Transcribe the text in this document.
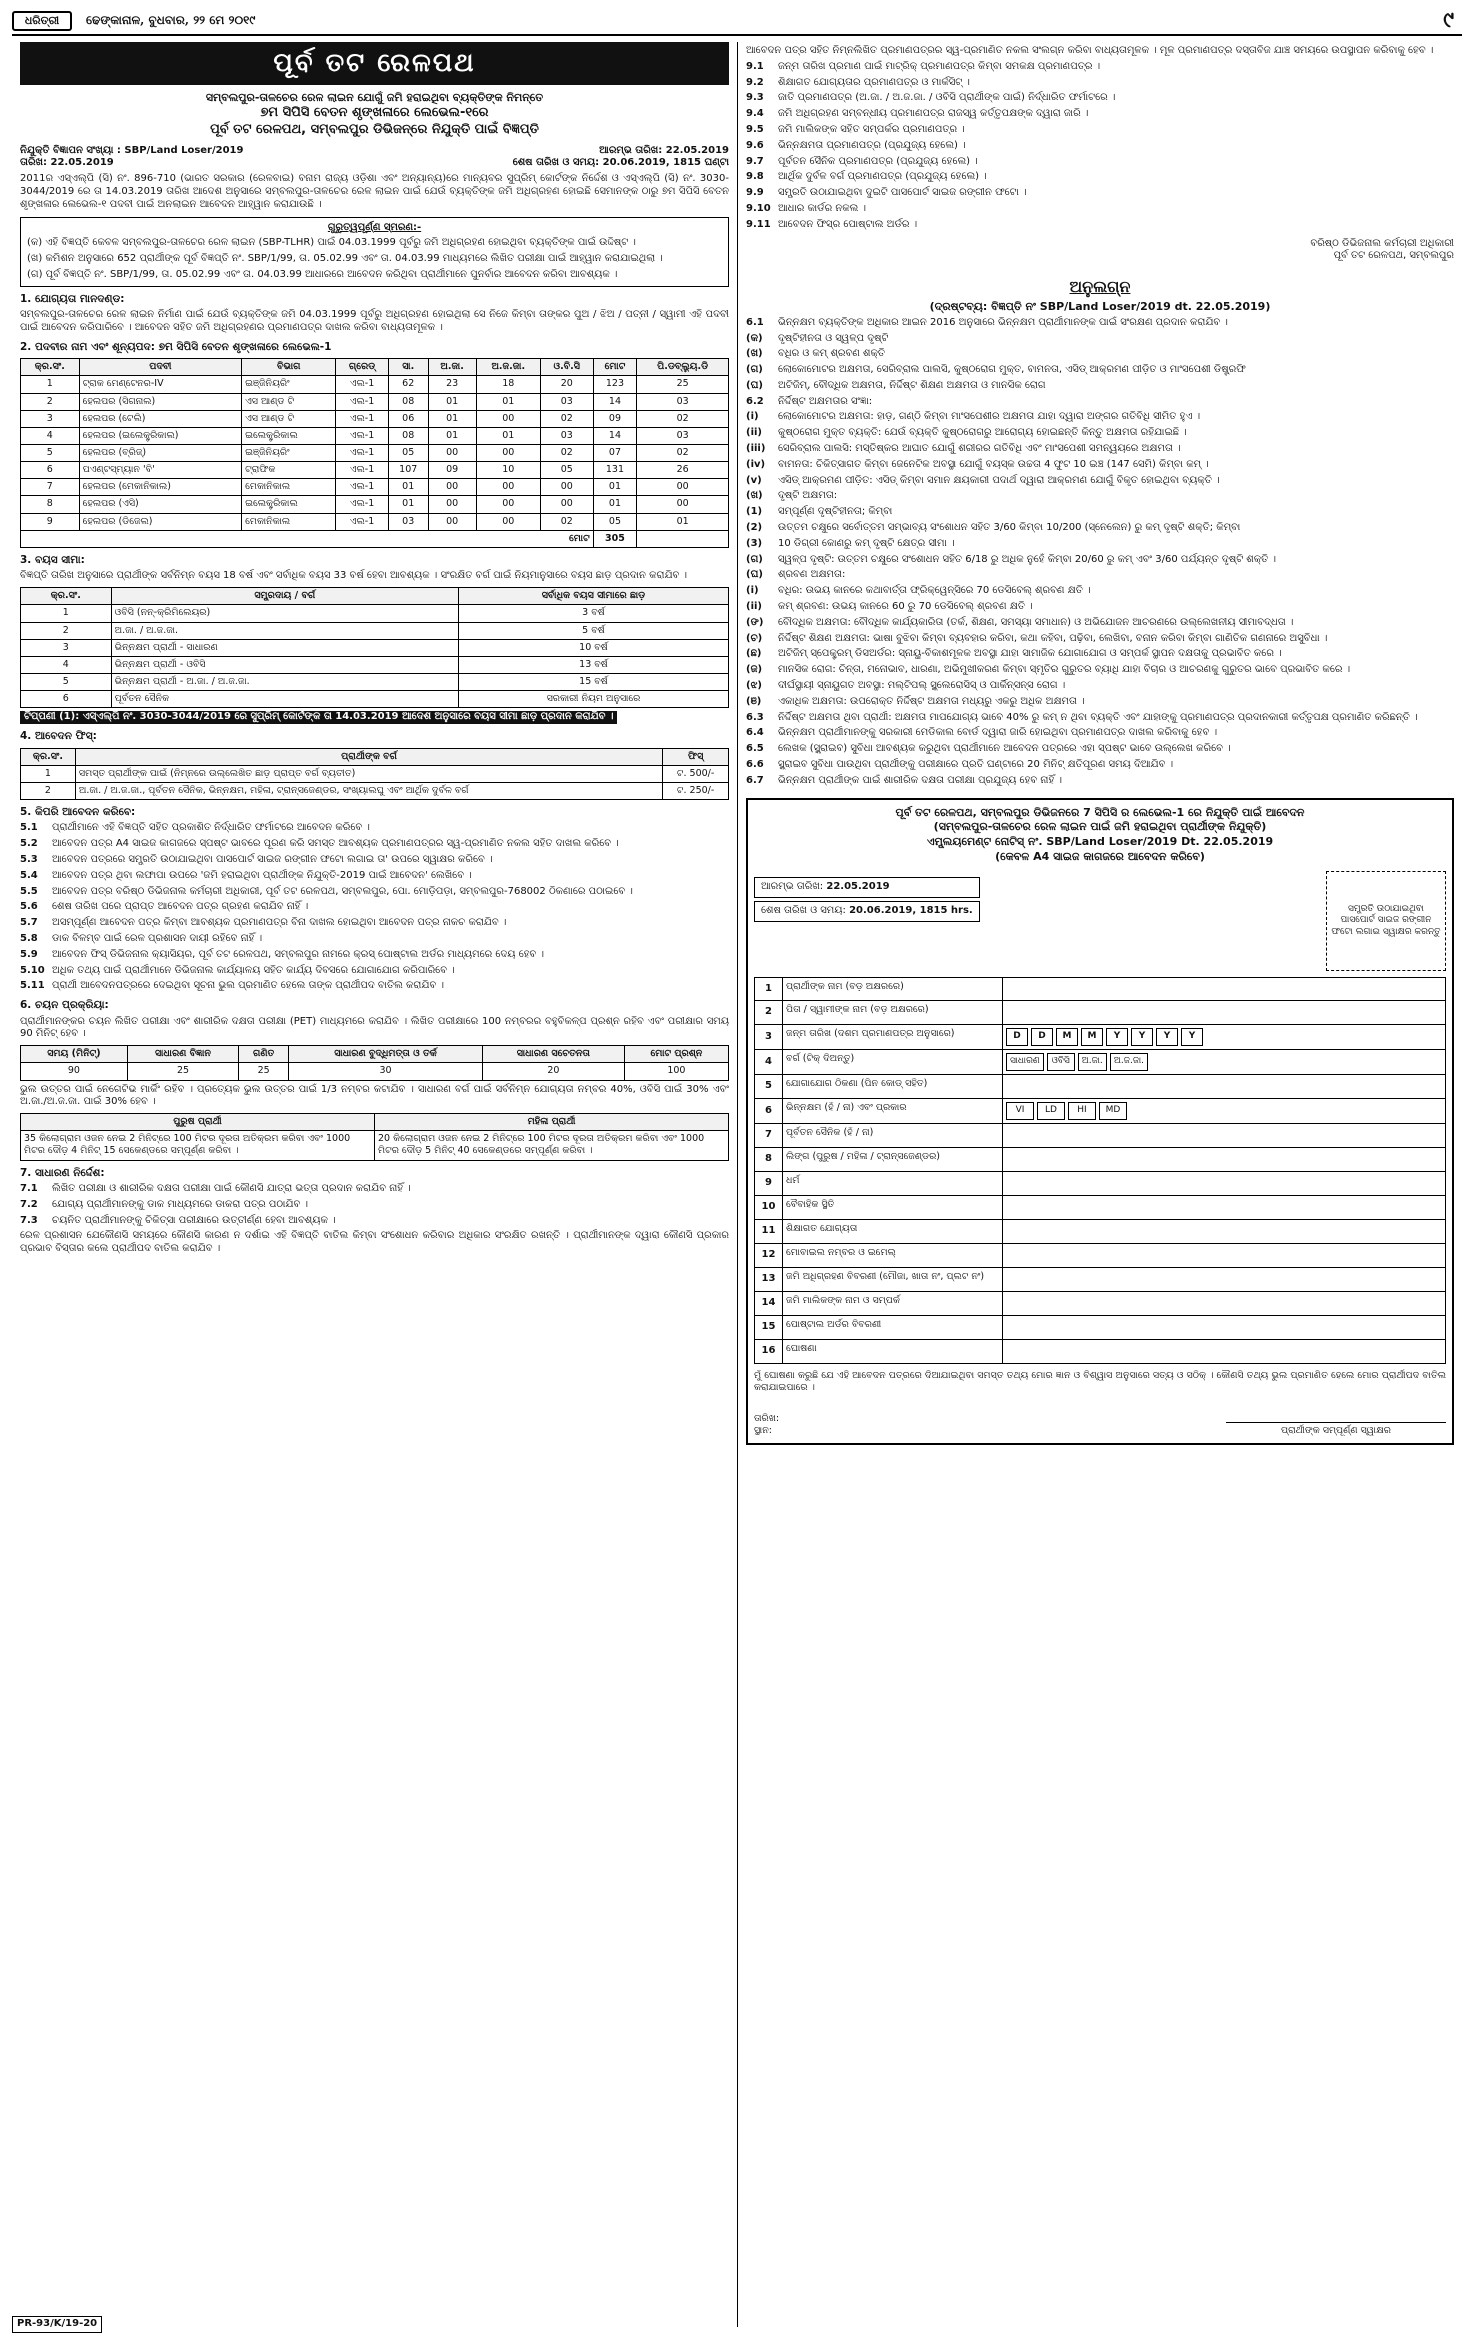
ଧରିତ୍ରୀ	ଢେଙ୍କାନାଳ, ବୁଧବାର, ୨୨ ମେ ୨୦୧୯	୯
ପୂର୍ବ ତଟ ରେଳପଥ
ସମ୍ବଲପୁର-ତାଳଚେର ରେଳ ଲାଇନ ଯୋଗୁଁ ଜମି ହରାଇଥିବା ବ୍ୟକ୍ତିଙ୍କ ନିମନ୍ତେ
୭ମ ସିପିସି ବେତନ ଶୃଙ୍ଖଳାରେ ଲେଭେଲ-୧ରେ
ପୂର୍ବ ତଟ ରେଳପଥ, ସମ୍ବଲପୁର ଡିଭିଜନ୍‌ରେ ନିଯୁକ୍ତି ପାଇଁ ବିଜ୍ଞପ୍ତି
ନିଯୁକ୍ତି ବିଜ୍ଞାପନ ସଂଖ୍ୟା : SBP/Land Loser/2019
ତାରିଖ: 22.05.2019
ଆରମ୍ଭ ତାରିଖ: 22.05.2019
ଶେଷ ତାରିଖ ଓ ସମୟ: 20.06.2019, 1815 ଘଣ୍ଟା

2011ର ଏସ୍‌ଏଲ୍‌ପି (ସି) ନଂ. 896-710 (ଭାରତ ସରକାର (ରେଳବାଇ) ବନାମ ରାଜ୍ୟ ଓଡ଼ିଶା ଏବଂ ଅନ୍ୟାନ୍ୟ)ରେ ମାନ୍ୟବର ସୁପ୍ରିମ୍ କୋର୍ଟଙ୍କ ନିର୍ଦ୍ଦେଶ ଓ ଏସ୍‌ଏଲ୍‌ପି (ସି) ନଂ. 3030-3044/2019 ରେ ତା 14.03.2019 ତାରିଖ ଆଦେଶ ଅନୁସାରେ ସମ୍ବଲପୁର-ତାଳଚେର ରେଳ ଲାଇନ ପାଇଁ ଯେଉଁ ବ୍ୟକ୍ତିଙ୍କ ଜମି ଅଧିଗ୍ରହଣ ହୋଇଛି ସେମାନଙ୍କ ଠାରୁ ୭ମ ସିପିସି ବେତନ ଶୃଙ୍ଖଳାର ଲେଭେଲ-୧ ପଦବୀ ପାଇଁ ଅନଲାଇନ ଆବେଦନ ଆହ୍ୱାନ କରାଯାଉଛି ।

ଗୁରୁତ୍ୱପୂର୍ଣ୍ଣ ସ୍ମରଣ:-

(କ) ଏହି ବିଜ୍ଞପ୍ତି କେବଳ ସମ୍ବଲପୁର-ତାଳଚେର ରେଳ ଲାଇନ (SBP-TLHR) ପାଇଁ 04.03.1999 ପୂର୍ବରୁ ଜମି ଅଧିଗ୍ରହଣ ହୋଇଥିବା ବ୍ୟକ୍ତିଙ୍କ ପାଇଁ ଉଦ୍ଦିଷ୍ଟ ।

(ଖ) କମିଶନ ଅନୁସାରେ 652 ପ୍ରାର୍ଥୀଙ୍କ ପୂର୍ବ ବିଜ୍ଞପ୍ତି ନଂ. SBP/1/99, ତା. 05.02.99 ଏବଂ ତା. 04.03.99 ମାଧ୍ୟମରେ ଲିଖିତ ପରୀକ୍ଷା ପାଇଁ ଆହ୍ୱାନ କରାଯାଇଥିଲା ।

(ଗ) ପୂର୍ବ ବିଜ୍ଞପ୍ତି ନଂ. SBP/1/99, ତା. 05.02.99 ଏବଂ ତା. 04.03.99 ଆଧାରରେ ଆବେଦନ କରିଥିବା ପ୍ରାର୍ଥୀମାନେ ପୁନର୍ବାର ଆବେଦନ କରିବା ଆବଶ୍ୟକ ।

1. ଯୋଗ୍ୟତା ମାନଦଣ୍ଡ:

ସମ୍ବଲପୁର-ତାଳଚେର ରେଳ ଲାଇନ ନିର୍ମାଣ ପାଇଁ ଯେଉଁ ବ୍ୟକ୍ତିଙ୍କ ଜମି 04.03.1999 ପୂର୍ବରୁ ଅଧିଗ୍ରହଣ ହୋଇଥିଲା ସେ ନିଜେ କିମ୍ବା ତାଙ୍କର ପୁଅ / ଝିଅ / ପତ୍ନୀ / ସ୍ୱାମୀ ଏହି ପଦବୀ ପାଇଁ ଆବେଦନ କରିପାରିବେ । ଆବେଦନ ସହିତ ଜମି ଅଧିଗ୍ରହଣର ପ୍ରମାଣପତ୍ର ଦାଖଲ କରିବା ବାଧ୍ୟତାମୂଳକ ।

2. ପଦବୀର ନାମ ଏବଂ ଶୂନ୍ୟପଦ: ୭ମ ସିପିସି ବେତନ ଶୃଙ୍ଖଳାରେ ଲେଭେଲ-1
କ୍ର.ସଂ.	ପଦବୀ	ବିଭାଗ	ଗ୍ରେଡ୍	ସା.	ଅ.ଜା.	ଅ.ଜ.ଜା.	ଓ.ବି.ସି	ମୋଟ	ପି.ଡବ୍ଲ୍ୟୁ.ଡି
1	ଟ୍ରାକ ମେଣ୍ଟେନର-IV	ଇଞ୍ଜିନିୟରିଂ	ଏଲ-1	62	23	18	20	123	25
2	ହେଲପର (ସିଗନାଲ)	ଏସ ଆଣ୍ଡ ଟି	ଏଲ-1	08	01	01	03	14	03
3	ହେଲପର (ଟେଲି)	ଏସ ଆଣ୍ଡ ଟି	ଏଲ-1	06	01	00	02	09	02
4	ହେଲପର (ଇଲେକ୍ଟ୍ରିକାଲ)	ଇଲେକ୍ଟ୍ରିକାଲ	ଏଲ-1	08	01	01	03	14	03
5	ହେଲପର (ବ୍ରିଜ୍)	ଇଞ୍ଜିନିୟରିଂ	ଏଲ-1	05	00	00	02	07	02
6	ପଏଣ୍ଟସ୍‌ମ୍ୟାନ 'ବି'	ଟ୍ରାଫିକ	ଏଲ-1	107	09	10	05	131	26
7	ହେଲପର (ମେକାନିକାଲ)	ମେକାନିକାଲ	ଏଲ-1	01	00	00	00	01	00
8	ହେଲପର (ଏସି)	ଇଲେକ୍ଟ୍ରିକାଲ	ଏଲ-1	01	00	00	00	01	00
9	ହେଲପର (ଡିଜେଲ)	ମେକାନିକାଲ	ଏଲ-1	03	00	00	02	05	01
ମୋଟ								305	
3. ବୟସ ସୀମା:

ବିଜ୍ଞପ୍ତି ତାରିଖ ଅନୁସାରେ ପ୍ରାର୍ଥୀଙ୍କ ସର୍ବନିମ୍ନ ବୟସ 18 ବର୍ଷ ଏବଂ ସର୍ବାଧିକ ବୟସ 33 ବର୍ଷ ହେବା ଆବଶ୍ୟକ । ସଂରକ୍ଷିତ ବର୍ଗ ପାଇଁ ନିୟମାନୁସାରେ ବୟସ ଛାଡ଼ ପ୍ରଦାନ କରାଯିବ ।

କ୍ର.ସଂ.	ସମ୍ପ୍ରଦାୟ / ବର୍ଗ	ସର୍ବାଧିକ ବୟସ ସୀମାରେ ଛାଡ଼
1	ଓବିସି (ନନ୍-କ୍ରିମିଲେୟର)	3 ବର୍ଷ
2	ଅ.ଜା. / ଅ.ଜ.ଜା.	5 ବର୍ଷ
3	ଭିନ୍ନକ୍ଷମ ପ୍ରାର୍ଥୀ - ସାଧାରଣ	10 ବର୍ଷ
4	ଭିନ୍ନକ୍ଷମ ପ୍ରାର୍ଥୀ - ଓବିସି	13 ବର୍ଷ
5	ଭିନ୍ନକ୍ଷମ ପ୍ରାର୍ଥୀ - ଅ.ଜା. / ଅ.ଜ.ଜା.	15 ବର୍ଷ
6	ପୂର୍ବତନ ସୈନିକ	ସରକାରୀ ନିୟମ ଅନୁସାରେ

ଟିପ୍ପଣୀ (1): ଏସ୍‌ଏଲ୍‌ପି ନଂ. 3030-3044/2019 ରେ ସୁପ୍ରିମ୍ କୋର୍ଟଙ୍କ ତା 14.03.2019 ଆଦେଶ ଅନୁସାରେ ବୟସ ସୀମା ଛାଡ଼ ପ୍ରଦାନ କରାଯିବ ।

4. ଆବେଦନ ଫିସ୍:
କ୍ର.ସଂ.	ପ୍ରାର୍ଥୀଙ୍କ ବର୍ଗ	ଫିସ୍
1	ସମସ୍ତ ପ୍ରାର୍ଥୀଙ୍କ ପାଇଁ (ନିମ୍ନରେ ଉଲ୍ଲେଖିତ ଛାଡ଼ ପ୍ରାପ୍ତ ବର୍ଗ ବ୍ୟତୀତ)	ଟ. 500/-
2	ଅ.ଜା. / ଅ.ଜ.ଜା., ପୂର୍ବତନ ସୈନିକ, ଭିନ୍ନକ୍ଷମ, ମହିଳା, ଟ୍ରାନ୍ସଜେଣ୍ଡର, ସଂଖ୍ୟାଲଘୁ ଏବଂ ଆର୍ଥିକ ଦୁର୍ବଳ ବର୍ଗ	ଟ. 250/-
5. କିପରି ଆବେଦନ କରିବେ:
5.1	ପ୍ରାର୍ଥୀମାନେ ଏହି ବିଜ୍ଞପ୍ତି ସହିତ ପ୍ରକାଶିତ ନିର୍ଦ୍ଧାରିତ ଫର୍ମାଟରେ ଆବେଦନ କରିବେ ।
5.2	ଆବେଦନ ପତ୍ର A4 ସାଇଜ କାଗଜରେ ସ୍ପଷ୍ଟ ଭାବରେ ପୂରଣ କରି ସମସ୍ତ ଆବଶ୍ୟକ ପ୍ରମାଣପତ୍ରର ସ୍ୱ-ପ୍ରମାଣିତ ନକଲ ସହିତ ଦାଖଲ କରିବେ ।
5.3	ଆବେଦନ ପତ୍ରରେ ସମ୍ପ୍ରତି ଉଠାଯାଇଥିବା ପାସପୋର୍ଟ ସାଇଜ ରଙ୍ଗୀନ ଫଟୋ ଲଗାଇ ତା' ଉପରେ ସ୍ୱାକ୍ଷର କରିବେ ।
5.4	ଆବେଦନ ପତ୍ର ଥିବା ଲଫାପା ଉପରେ 'ଜମି ହରାଇଥିବା ପ୍ରାର୍ଥୀଙ୍କ ନିଯୁକ୍ତି-2019 ପାଇଁ ଆବେଦନ' ଲେଖିବେ ।
5.5	ଆବେଦନ ପତ୍ର ବରିଷ୍ଠ ଡିଭିଜନାଲ କର୍ମଚାରୀ ଅଧିକାରୀ, ପୂର୍ବ ତଟ ରେଳପଥ, ସମ୍ବଲପୁର, ପୋ. ମୋଡ଼ିପଡ଼ା, ସମ୍ବଲପୁର-768002 ଠିକଣାରେ ପଠାଇବେ ।
5.6	ଶେଷ ତାରିଖ ପରେ ପ୍ରାପ୍ତ ଆବେଦନ ପତ୍ର ଗ୍ରହଣ କରାଯିବ ନାହିଁ ।
5.7	ଅସମ୍ପୂର୍ଣ୍ଣ ଆବେଦନ ପତ୍ର କିମ୍ବା ଆବଶ୍ୟକ ପ୍ରମାଣପତ୍ର ବିନା ଦାଖଲ ହୋଇଥିବା ଆବେଦନ ପତ୍ର ନାକଚ କରାଯିବ ।
5.8	ଡାକ ବିଳମ୍ବ ପାଇଁ ରେଳ ପ୍ରଶାସନ ଦାୟୀ ରହିବେ ନାହିଁ ।
5.9	ଆବେଦନ ଫିସ୍ ଡିଭିଜନାଲ କ୍ୟାସିୟର, ପୂର୍ବ ତଟ ରେଳପଥ, ସମ୍ବଲପୁର ନାମରେ କ୍ରସ୍ ପୋଷ୍ଟାଲ ଅର୍ଡର ମାଧ୍ୟମରେ ଦେୟ ହେବ ।
5.10 ଅଧିକ ତଥ୍ୟ ପାଇଁ ପ୍ରାର୍ଥୀମାନେ ଡିଭିଜନାଲ କାର୍ଯ୍ୟାଳୟ ସହିତ କାର୍ଯ୍ୟ ଦିବସରେ ଯୋଗାଯୋଗ କରିପାରିବେ ।
5.11 ପ୍ରାର୍ଥୀ ଆବେଦନପତ୍ରରେ ଦେଇଥିବା ସୂଚନା ଭୁଲ ପ୍ରମାଣିତ ହେଲେ ତାଙ୍କ ପ୍ରାର୍ଥୀପଦ ବାତିଲ କରାଯିବ ।
6. ଚୟନ ପ୍ରକ୍ରିୟା:

ପ୍ରାର୍ଥୀମାନଙ୍କର ଚୟନ ଲିଖିତ ପରୀକ୍ଷା ଏବଂ ଶାରୀରିକ ଦକ୍ଷତା ପରୀକ୍ଷା (PET) ମାଧ୍ୟମରେ କରାଯିବ । ଲିଖିତ ପରୀକ୍ଷାରେ 100 ନମ୍ବରର ବହୁବିକଳ୍ପ ପ୍ରଶ୍ନ ରହିବ ଏବଂ ପରୀକ୍ଷାର ସମୟ 90 ମିନିଟ୍ ହେବ ।

ସମୟ (ମିନିଟ୍)	ସାଧାରଣ ବିଜ୍ଞାନ	ଗଣିତ	ସାଧାରଣ ବୁଦ୍ଧିମତ୍ତା ଓ ତର୍କ	ସାଧାରଣ ସଚେତନତା	ମୋଟ ପ୍ରଶ୍ନ
90	25	25	30	20	100

ଭୁଲ ଉତ୍ତର ପାଇଁ ନେଗେଟିଭ ମାର୍କିଂ ରହିବ । ପ୍ରତ୍ୟେକ ଭୁଲ ଉତ୍ତର ପାଇଁ 1/3 ନମ୍ବର କଟାଯିବ । ସାଧାରଣ ବର୍ଗ ପାଇଁ ସର୍ବନିମ୍ନ ଯୋଗ୍ୟତା ନମ୍ବର 40%, ଓବିସି ପାଇଁ 30% ଏବଂ ଅ.ଜା./ଅ.ଜ.ଜା. ପାଇଁ 30% ହେବ ।

ପୁରୁଷ ପ୍ରାର୍ଥୀ	ମହିଳା ପ୍ରାର୍ଥୀ
35 କିଲୋଗ୍ରାମ ଓଜନ ନେଇ 2 ମିନିଟ୍‌ରେ 100 ମିଟର ଦୂରତା ଅତିକ୍ରମ କରିବା ଏବଂ 1000 ମିଟର ଦୌଡ଼ 4 ମିନିଟ୍ 15 ସେକେଣ୍ଡରେ ସମ୍ପୂର୍ଣ୍ଣ କରିବା ।	20 କିଲୋଗ୍ରାମ ଓଜନ ନେଇ 2 ମିନିଟ୍‌ରେ 100 ମିଟର ଦୂରତା ଅତିକ୍ରମ କରିବା ଏବଂ 1000 ମିଟର ଦୌଡ଼ 5 ମିନିଟ୍ 40 ସେକେଣ୍ଡରେ ସମ୍ପୂର୍ଣ୍ଣ କରିବା ।
7. ସାଧାରଣ ନିର୍ଦ୍ଦେଶ:
7.1	ଲିଖିତ ପରୀକ୍ଷା ଓ ଶାରୀରିକ ଦକ୍ଷତା ପରୀକ୍ଷା ପାଇଁ କୌଣସି ଯାତ୍ରା ଭତ୍ତା ପ୍ରଦାନ କରାଯିବ ନାହିଁ ।
7.2	ଯୋଗ୍ୟ ପ୍ରାର୍ଥୀମାନଙ୍କୁ ଡାକ ମାଧ୍ୟମରେ ଡାକରା ପତ୍ର ପଠାଯିବ ।
7.3	ଚୟନିତ ପ୍ରାର୍ଥୀମାନଙ୍କୁ ଚିକିତ୍ସା ପରୀକ୍ଷାରେ ଉତ୍ତୀର୍ଣ୍ଣ ହେବା ଆବଶ୍ୟକ ।

ରେଳ ପ୍ରଶାସନ ଯେକୌଣସି ସମୟରେ କୌଣସି କାରଣ ନ ଦର୍ଶାଇ ଏହି ବିଜ୍ଞପ୍ତି ବାତିଲ କିମ୍ବା ସଂଶୋଧନ କରିବାର ଅଧିକାର ସଂରକ୍ଷିତ ରଖନ୍ତି । ପ୍ରାର୍ଥୀମାନଙ୍କ ଦ୍ୱାରା କୌଣସି ପ୍ରକାର ପ୍ରଭାବ ବିସ୍ତାର କଲେ ପ୍ରାର୍ଥୀପଦ ବାତିଲ କରାଯିବ ।

ଆବେଦନ ପତ୍ର ସହିତ ନିମ୍ନଲିଖିତ ପ୍ରମାଣପତ୍ରର ସ୍ୱ-ପ୍ରମାଣିତ ନକଲ ସଂଲଗ୍ନ କରିବା ବାଧ୍ୟତାମୂଳକ । ମୂଳ ପ୍ରମାଣପତ୍ର ଦସ୍ତାବିଜ ଯାଞ୍ଚ ସମୟରେ ଉପସ୍ଥାପନ କରିବାକୁ ହେବ ।

9.1	ଜନ୍ମ ତାରିଖ ପ୍ରମାଣ ପାଇଁ ମାଟ୍ରିକ୍ ପ୍ରମାଣପତ୍ର କିମ୍ବା ସମକକ୍ଷ ପ୍ରମାଣପତ୍ର ।
9.2	ଶିକ୍ଷାଗତ ଯୋଗ୍ୟତାର ପ୍ରମାଣପତ୍ର ଓ ମାର୍କସିଟ୍ ।
9.3	ଜାତି ପ୍ରମାଣପତ୍ର (ଅ.ଜା. / ଅ.ଜ.ଜା. / ଓବିସି ପ୍ରାର୍ଥୀଙ୍କ ପାଇଁ) ନିର୍ଦ୍ଧାରିତ ଫର୍ମାଟରେ ।
9.4	ଜମି ଅଧିଗ୍ରହଣ ସମ୍ବନ୍ଧୀୟ ପ୍ରମାଣପତ୍ର ରାଜସ୍ୱ କର୍ତ୍ତୃପକ୍ଷଙ୍କ ଦ୍ୱାରା ଜାରି ।
9.5	ଜମି ମାଲିକଙ୍କ ସହିତ ସମ୍ପର୍କର ପ୍ରମାଣପତ୍ର ।
9.6	ଭିନ୍ନକ୍ଷମତା ପ୍ରମାଣପତ୍ର (ପ୍ରଯୁଜ୍ୟ ହେଲେ) ।
9.7	ପୂର୍ବତନ ସୈନିକ ପ୍ରମାଣପତ୍ର (ପ୍ରଯୁଜ୍ୟ ହେଲେ) ।
9.8	ଆର୍ଥିକ ଦୁର୍ବଳ ବର୍ଗ ପ୍ରମାଣପତ୍ର (ପ୍ରଯୁଜ୍ୟ ହେଲେ) ।
9.9	ସମ୍ପ୍ରତି ଉଠାଯାଇଥିବା ଦୁଇଟି ପାସପୋର୍ଟ ସାଇଜ ରଙ୍ଗୀନ ଫଟୋ ।
9.10 ଆଧାର କାର୍ଡର ନକଲ ।
9.11 ଆବେଦନ ଫିସ୍‌ର ପୋଷ୍ଟାଲ ଅର୍ଡର ।
ବରିଷ୍ଠ ଡିଭିଜନାଲ କର୍ମଚାରୀ ଅଧିକାରୀ
ପୂର୍ବ ତଟ ରେଳପଥ, ସମ୍ବଲପୁର
ଅନୁଲଗ୍ନ
(ଦ୍ରଷ୍ଟବ୍ୟ: ବିଜ୍ଞପ୍ତି ନଂ SBP/Land Loser/2019 dt. 22.05.2019)
6.1	ଭିନ୍ନକ୍ଷମ ବ୍ୟକ୍ତିଙ୍କ ଅଧିକାର ଆଇନ 2016 ଅନୁସାରେ ଭିନ୍ନକ୍ଷମ ପ୍ରାର୍ଥୀମାନଙ୍କ ପାଇଁ ସଂରକ୍ଷଣ ପ୍ରଦାନ କରାଯିବ ।
(କ)	ଦୃଷ୍ଟିହୀନତା ଓ ସ୍ୱଳ୍ପ ଦୃଷ୍ଟି
(ଖ)	ବଧିର ଓ କମ୍ ଶ୍ରବଣ ଶକ୍ତି
(ଗ)	ଲୋକୋମୋଟର ଅକ୍ଷମତା, ସେରିବ୍ରାଲ ପାଲସି, କୁଷ୍ଠରୋଗ ମୁକ୍ତ, ବାମନତା, ଏସିଡ୍ ଆକ୍ରମଣ ପୀଡ଼ିତ ଓ ମାଂସପେଶୀ ଡିଷ୍ଟ୍ରଫି
(ଘ)	ଅଟିଜିମ୍, ବୌଦ୍ଧିକ ଅକ୍ଷମତା, ନିର୍ଦ୍ଦିଷ୍ଟ ଶିକ୍ଷଣ ଅକ୍ଷମତା ଓ ମାନସିକ ରୋଗ
6.2	ନିର୍ଦ୍ଦିଷ୍ଟ ଅକ୍ଷମତାର ସଂଜ୍ଞା:
(i)	ଲୋକୋମୋଟର ଅକ୍ଷମତା: ହାଡ଼, ଗଣ୍ଠି କିମ୍ବା ମାଂସପେଶୀର ଅକ୍ଷମତା ଯାହା ଦ୍ୱାରା ଅଙ୍ଗର ଗତିବିଧି ସୀମିତ ହୁଏ ।
(ii)	କୁଷ୍ଠରୋଗ ମୁକ୍ତ ବ୍ୟକ୍ତି: ଯେଉଁ ବ୍ୟକ୍ତି କୁଷ୍ଠରୋଗରୁ ଆରୋଗ୍ୟ ହୋଇଛନ୍ତି କିନ୍ତୁ ଅକ୍ଷମତା ରହିଯାଇଛି ।
(iii)	ସେରିବ୍ରାଲ ପାଲସି: ମସ୍ତିଷ୍କର ଆଘାତ ଯୋଗୁଁ ଶରୀରର ଗତିବିଧି ଏବଂ ମାଂସପେଶୀ ସମନ୍ୱୟରେ ଅକ୍ଷମତା ।
(iv)	ବାମନତା: ଚିକିତ୍ସାଗତ କିମ୍ବା ଜେନେଟିକ ଅବସ୍ଥା ଯୋଗୁଁ ବୟସ୍କ ଉଚ୍ଚତା 4 ଫୁଟ 10 ଇଞ୍ଚ (147 ସେମି) କିମ୍ବା କମ୍ ।
(v)	ଏସିଡ୍ ଆକ୍ରମଣ ପୀଡ଼ିତ: ଏସିଡ୍ କିମ୍ବା ସମାନ କ୍ଷୟକାରୀ ପଦାର୍ଥ ଦ୍ୱାରା ଆକ୍ରମଣ ଯୋଗୁଁ ବିକୃତ ହୋଇଥିବା ବ୍ୟକ୍ତି ।
(ଖ)	ଦୃଷ୍ଟି ଅକ୍ଷମତା:
(1)	ସମ୍ପୂର୍ଣ୍ଣ ଦୃଷ୍ଟିହୀନତା; କିମ୍ବା
(2)	ଉତ୍ତମ ଚକ୍ଷୁରେ ସର୍ବୋତ୍ତମ ସମ୍ଭାବ୍ୟ ସଂଶୋଧନ ସହିତ 3/60 କିମ୍ବା 10/200 (ସ୍ନେଲେନ) ରୁ କମ୍ ଦୃଷ୍ଟି ଶକ୍ତି; କିମ୍ବା
(3)	10 ଡିଗ୍ରୀ କୋଣରୁ କମ୍ ଦୃଷ୍ଟି କ୍ଷେତ୍ର ସୀମା ।
(ଗ)	ସ୍ୱଳ୍ପ ଦୃଷ୍ଟି: ଉତ୍ତମ ଚକ୍ଷୁରେ ସଂଶୋଧନ ସହିତ 6/18 ରୁ ଅଧିକ ନୁହେଁ କିମ୍ବା 20/60 ରୁ କମ୍ ଏବଂ 3/60 ପର୍ଯ୍ୟନ୍ତ ଦୃଷ୍ଟି ଶକ୍ତି ।
(ଘ)	ଶ୍ରବଣ ଅକ୍ଷମତା:
(i)	ବଧିର: ଉଭୟ କାନରେ କଥାବାର୍ତ୍ତା ଫ୍ରିକ୍ୱେନ୍ସିରେ 70 ଡେସିବେଲ୍ ଶ୍ରବଣ କ୍ଷତି ।
(ii)	କମ୍ ଶ୍ରବଣ: ଉଭୟ କାନରେ 60 ରୁ 70 ଡେସିବେଲ୍ ଶ୍ରବଣ କ୍ଷତି ।
(ଙ)	ବୌଦ୍ଧିକ ଅକ୍ଷମତା: ବୌଦ୍ଧିକ କାର୍ଯ୍ୟକାରିତା (ତର୍କ, ଶିକ୍ଷଣ, ସମସ୍ୟା ସମାଧାନ) ଓ ଅଭିଯୋଜନ ଆଚରଣରେ ଉଲ୍ଲେଖନୀୟ ସୀମାବଦ୍ଧତା ।
(ଚ)	ନିର୍ଦ୍ଦିଷ୍ଟ ଶିକ୍ଷଣ ଅକ୍ଷମତା: ଭାଷା ବୁଝିବା କିମ୍ବା ବ୍ୟବହାର କରିବା, କଥା କହିବା, ପଢ଼ିବା, ଲେଖିବା, ବନାନ କରିବା କିମ୍ବା ଗାଣିତିକ ଗଣନାରେ ଅସୁବିଧା ।
(ଛ)	ଅଟିଜିମ୍ ସ୍ପେକ୍ଟ୍ରମ୍ ଡିସଅର୍ଡର: ସ୍ନାୟୁ-ବିକାଶମୂଳକ ଅବସ୍ଥା ଯାହା ସାମାଜିକ ଯୋଗାଯୋଗ ଓ ସମ୍ପର୍କ ସ୍ଥାପନ ଦକ୍ଷତାକୁ ପ୍ରଭାବିତ କରେ ।
(ଜ)	ମାନସିକ ରୋଗ: ଚିନ୍ତା, ମନୋଭାବ, ଧାରଣା, ଅଭିମୁଖୀକରଣ କିମ୍ବା ସ୍ମୃତିର ଗୁରୁତର ବ୍ୟାଧି ଯାହା ବିଚାର ଓ ଆଚରଣକୁ ଗୁରୁତର ଭାବେ ପ୍ରଭାବିତ କରେ ।
(ଝ)	ଦୀର୍ଘସ୍ଥାୟୀ ସ୍ନାୟୁଗତ ଅବସ୍ଥା: ମଲ୍ଟିପଲ୍ ସ୍କ୍ଲେରୋସିସ୍ ଓ ପାର୍କିନ୍‌ସନ୍ସ ରୋଗ ।
(ଞ)	ଏକାଧିକ ଅକ୍ଷମତା: ଉପରୋକ୍ତ ନିର୍ଦ୍ଦିଷ୍ଟ ଅକ୍ଷମତା ମଧ୍ୟରୁ ଏକରୁ ଅଧିକ ଅକ୍ଷମତା ।
6.3	ନିର୍ଦ୍ଦିଷ୍ଟ ଅକ୍ଷମତା ଥିବା ପ୍ରାର୍ଥୀ: ଅକ୍ଷମତା ମାପଯୋଗ୍ୟ ଭାବେ 40% ରୁ କମ୍ ନ ଥିବା ବ୍ୟକ୍ତି ଏବଂ ଯାହାଙ୍କୁ ପ୍ରମାଣପତ୍ର ପ୍ରଦାନକାରୀ କର୍ତ୍ତୃପକ୍ଷ ପ୍ରମାଣିତ କରିଛନ୍ତି ।
6.4	ଭିନ୍ନକ୍ଷମ ପ୍ରାର୍ଥୀମାନଙ୍କୁ ସରକାରୀ ମେଡିକାଲ ବୋର୍ଡ ଦ୍ୱାରା ଜାରି ହୋଇଥିବା ପ୍ରମାଣପତ୍ର ଦାଖଲ କରିବାକୁ ହେବ ।
6.5	ଲେଖକ (ସ୍କ୍ରାଇବ) ସୁବିଧା ଆବଶ୍ୟକ କରୁଥିବା ପ୍ରାର୍ଥୀମାନେ ଆବେଦନ ପତ୍ରରେ ଏହା ସ୍ପଷ୍ଟ ଭାବେ ଉଲ୍ଲେଖ କରିବେ ।
6.6	ସ୍କ୍ରାଇବ ସୁବିଧା ପାଉଥିବା ପ୍ରାର୍ଥୀଙ୍କୁ ପରୀକ୍ଷାରେ ପ୍ରତି ଘଣ୍ଟାରେ 20 ମିନିଟ୍ କ୍ଷତିପୂରଣ ସମୟ ଦିଆଯିବ ।
6.7	ଭିନ୍ନକ୍ଷମ ପ୍ରାର୍ଥୀଙ୍କ ପାଇଁ ଶାରୀରିକ ଦକ୍ଷତା ପରୀକ୍ଷା ପ୍ରଯୁଜ୍ୟ ହେବ ନାହିଁ ।
ପୂର୍ବ ତଟ ରେଳପଥ, ସମ୍ବଲପୁର ଡିଭିଜନରେ 7 ସିପିସି ର ଲେଭେଲ-1 ରେ ନିଯୁକ୍ତି ପାଇଁ ଆବେଦନ
(ସମ୍ବଲପୁର-ତାଳଚେର ରେଳ ଲାଇନ ପାଇଁ ଜମି ହରାଇଥିବା ପ୍ରାର୍ଥୀଙ୍କ ନିଯୁକ୍ତି)
ଏମ୍ପ୍ଲୟମେଣ୍ଟ ନୋଟିସ୍ ନଂ. SBP/Land Loser/2019 Dt. 22.05.2019
(କେବଳ A4 ସାଇଜ କାଗଜରେ ଆବେଦନ କରିବେ)
ଆରମ୍ଭ ତାରିଖ: 22.05.2019
ଶେଷ ତାରିଖ ଓ ସମୟ: 20.06.2019, 1815 hrs.	ସମ୍ପ୍ରତି ଉଠାଯାଇଥିବା ପାସପୋର୍ଟ ସାଇଜ ରଙ୍ଗୀନ ଫଟୋ ଲଗାଇ ସ୍ୱାକ୍ଷର କରନ୍ତୁ
1	ପ୍ରାର୍ଥୀଙ୍କ ନାମ (ବଡ଼ ଅକ୍ଷରରେ)
2	ପିତା / ସ୍ୱାମୀଙ୍କ ନାମ (ବଡ଼ ଅକ୍ଷରରେ)
3	ଜନ୍ମ ତାରିଖ (ଦଶମ ପ୍ରମାଣପତ୍ର ଅନୁସାରେ)	D	D	M	M	Y	Y	Y	Y
4	ବର୍ଗ (ଟିକ୍ ଦିଅନ୍ତୁ)	ସାଧାରଣ	ଓବିସି	ଅ.ଜା.	ଅ.ଜ.ଜା.
5	ଯୋଗାଯୋଗ ଠିକଣା (ପିନ କୋଡ୍ ସହିତ)
6	ଭିନ୍ନକ୍ଷମ (ହଁ / ନା) ଏବଂ ପ୍ରକାର	VI	LD	HI	MD
7	ପୂର୍ବତନ ସୈନିକ (ହଁ / ନା)
8	ଲିଙ୍ଗ (ପୁରୁଷ / ମହିଳା / ଟ୍ରାନ୍ସଜେଣ୍ଡର)
9	ଧର୍ମ
10	ବୈବାହିକ ସ୍ଥିତି
11	ଶିକ୍ଷାଗତ ଯୋଗ୍ୟତା
12	ମୋବାଇଲ ନମ୍ବର ଓ ଇମେଲ୍
13	ଜମି ଅଧିଗ୍ରହଣ ବିବରଣୀ (ମୌଜା, ଖାତା ନଂ, ପ୍ଲଟ ନଂ)
14	ଜମି ମାଲିକଙ୍କ ନାମ ଓ ସମ୍ପର୍କ
15	ପୋଷ୍ଟାଲ ଅର୍ଡର ବିବରଣୀ
16	ଘୋଷଣା

ମୁଁ ଘୋଷଣା କରୁଛି ଯେ ଏହି ଆବେଦନ ପତ୍ରରେ ଦିଆଯାଇଥିବା ସମସ୍ତ ତଥ୍ୟ ମୋର ଜ୍ଞାନ ଓ ବିଶ୍ୱାସ ଅନୁସାରେ ସତ୍ୟ ଓ ସଠିକ୍ । କୌଣସି ତଥ୍ୟ ଭୁଲ ପ୍ରମାଣିତ ହେଲେ ମୋର ପ୍ରାର୍ଥୀପଦ ବାତିଲ କରାଯାଇପାରେ ।

ତାରିଖ:
ସ୍ଥାନ:	ପ୍ରାର୍ଥୀଙ୍କ ସମ୍ପୂର୍ଣ୍ଣ ସ୍ୱାକ୍ଷର
PR-93/K/19-20
